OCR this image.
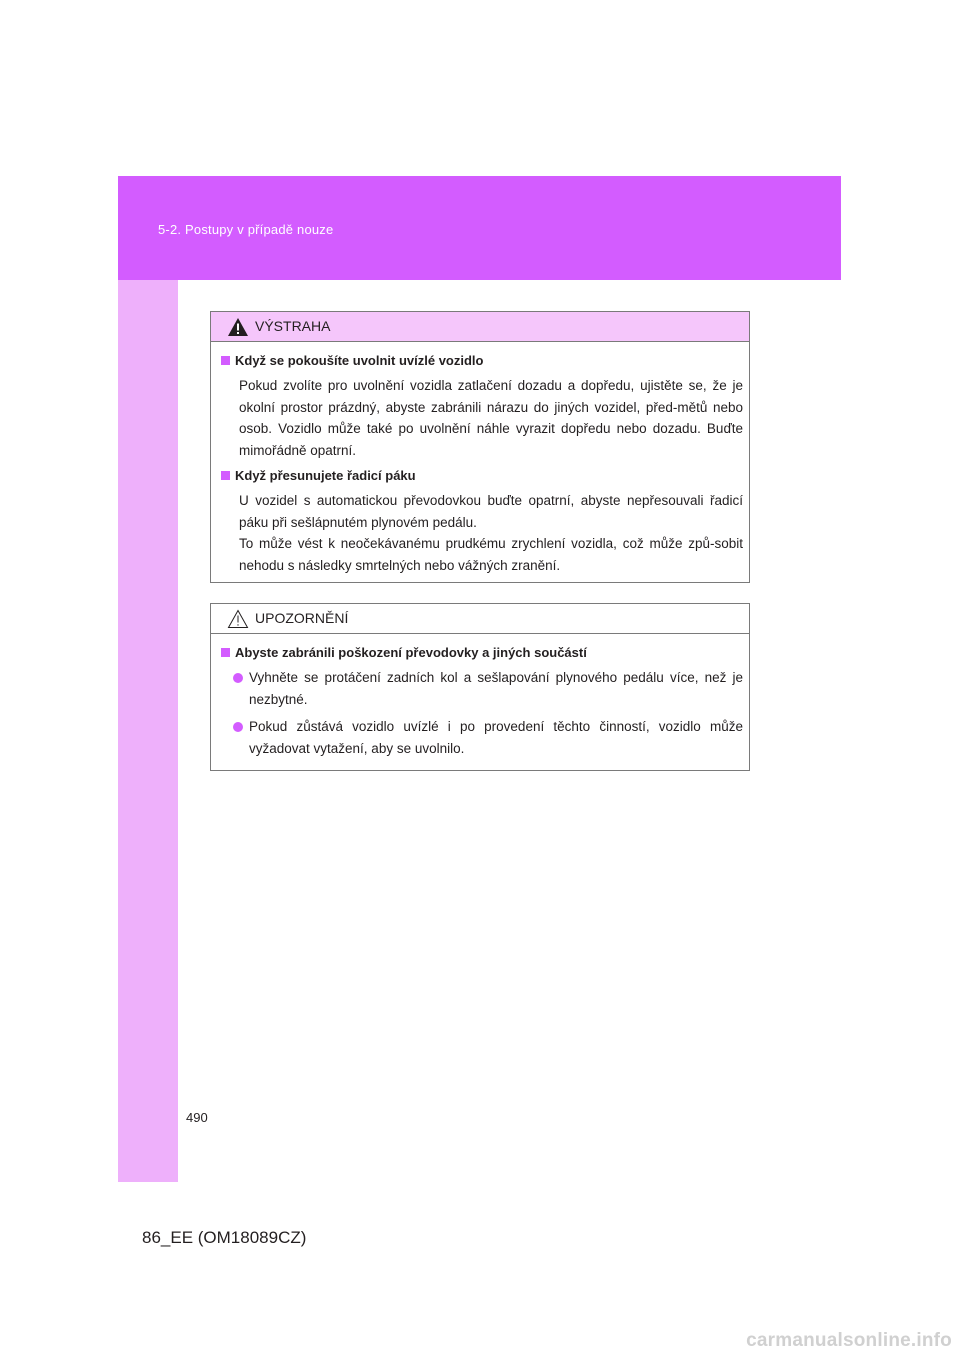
5-2. Postupy v případě nouze
VÝSTRAHA
Když se pokoušíte uvolnit uvízlé vozidlo
Pokud zvolíte pro uvolnění vozidla zatlačení dozadu a dopředu, ujistěte se, že je okolní prostor prázdný, abyste zabránili nárazu do jiných vozidel, před-mětů nebo osob. Vozidlo může také po uvolnění náhle vyrazit dopředu nebo dozadu. Buďte mimořádně opatrní.
Když přesunujete řadicí páku
U vozidel s automatickou převodovkou buďte opatrní, abyste nepřesouvali řadicí páku při sešlápnutém plynovém pedálu.
To může vést k neočekávanému prudkému zrychlení vozidla, což může způ-sobit nehodu s následky smrtelných nebo vážných zranění.
UPOZORNĚNÍ
Abyste zabránili poškození převodovky a jiných součástí
Vyhněte se protáčení zadních kol a sešlapování plynového pedálu více, než je nezbytné.
Pokud zůstává vozidlo uvízlé i po provedení těchto činností, vozidlo může vyžadovat vytažení, aby se uvolnilo.
490
86_EE (OM18089CZ)
carmanualsonline.info
